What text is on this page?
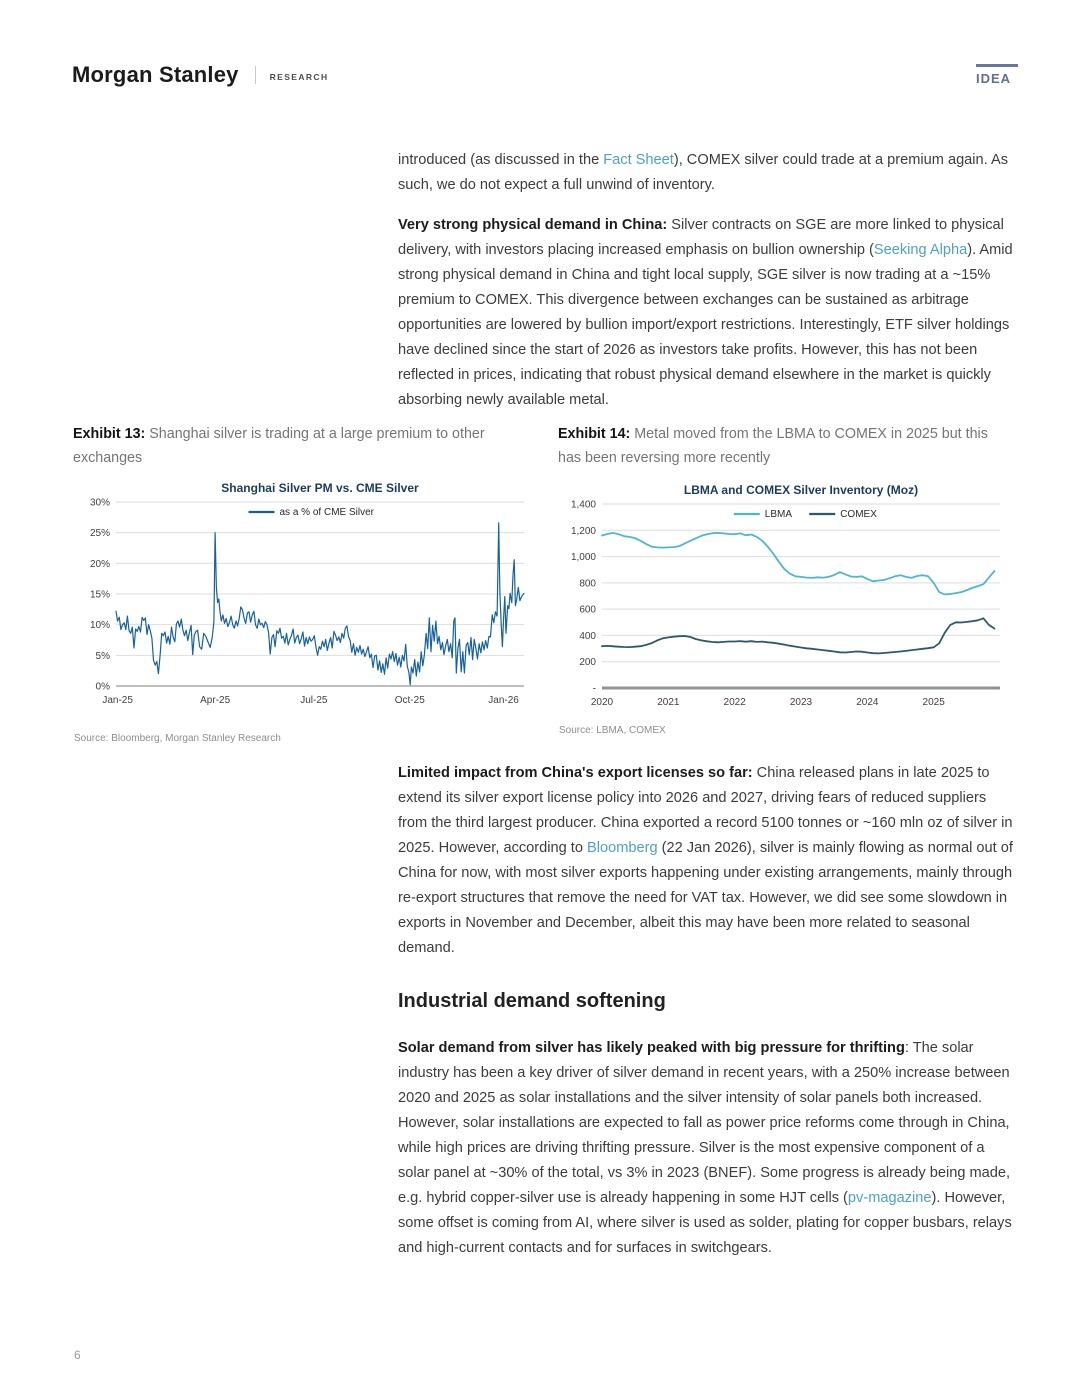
Morgan Stanley	RESEARCH	IDEA

introduced (as discussed in the Fact Sheet), COMEX silver could trade at a premium again. As such, we do not expect a full unwind of inventory.

Very strong physical demand in China: Silver contracts on SGE are more linked to physical delivery, with investors placing increased emphasis on bullion ownership (Seeking Alpha). Amid strong physical demand in China and tight local supply, SGE silver is now trading at a ~15% premium to COMEX. This divergence between exchanges can be sustained as arbitrage opportunities are lowered by bullion import/export restrictions. Interestingly, ETF silver holdings have declined since the start of 2026 as investors take profits. However, this has not been reflected in prices, indicating that robust physical demand elsewhere in the market is quickly absorbing newly available metal.

Exhibit 13: Shanghai silver is trading at a large premium to other exchanges
Exhibit 14: Metal moved from the LBMA to COMEX in 2025 but this has been reversing more recently
Shanghai Silver PM vs. CME Silver
0%
5%
10%
15%
20%
25%
30%
Jan-25	Apr-25	Jul-25	Oct-25	Jan-26
as a % of CME Silver
LBMA and COMEX Silver Inventory (Moz)
-
200
400
600
800
1,000
1,200
1,400
2020	2021	2022	2023	2024	2025
LBMA	COMEX
Source: Bloomberg, Morgan Stanley Research
Source: LBMA, COMEX

Limited impact from China's export licenses so far: China released plans in late 2025 to extend its silver export license policy into 2026 and 2027, driving fears of reduced suppliers from the third largest producer. China exported a record 5100 tonnes or ~160 mln oz of silver in 2025. However, according to Bloomberg (22 Jan 2026), silver is mainly flowing as normal out of China for now, with most silver exports happening under existing arrangements, mainly through re-export structures that remove the need for VAT tax. However, we did see some slowdown in exports in November and December, albeit this may have been more related to seasonal demand.

Industrial demand softening

Solar demand from silver has likely peaked with big pressure for thrifting: The solar industry has been a key driver of silver demand in recent years, with a 250% increase between 2020 and 2025 as solar installations and the silver intensity of solar panels both increased. However, solar installations are expected to fall as power price reforms come through in China, while high prices are driving thrifting pressure. Silver is the most expensive component of a solar panel at ~30% of the total, vs 3% in 2023 (BNEF). Some progress is already being made, e.g. hybrid copper-silver use is already happening in some HJT cells (pv-magazine). However, some offset is coming from AI, where silver is used as solder, plating for copper busbars, relays and high-current contacts and for surfaces in switchgears.

6
